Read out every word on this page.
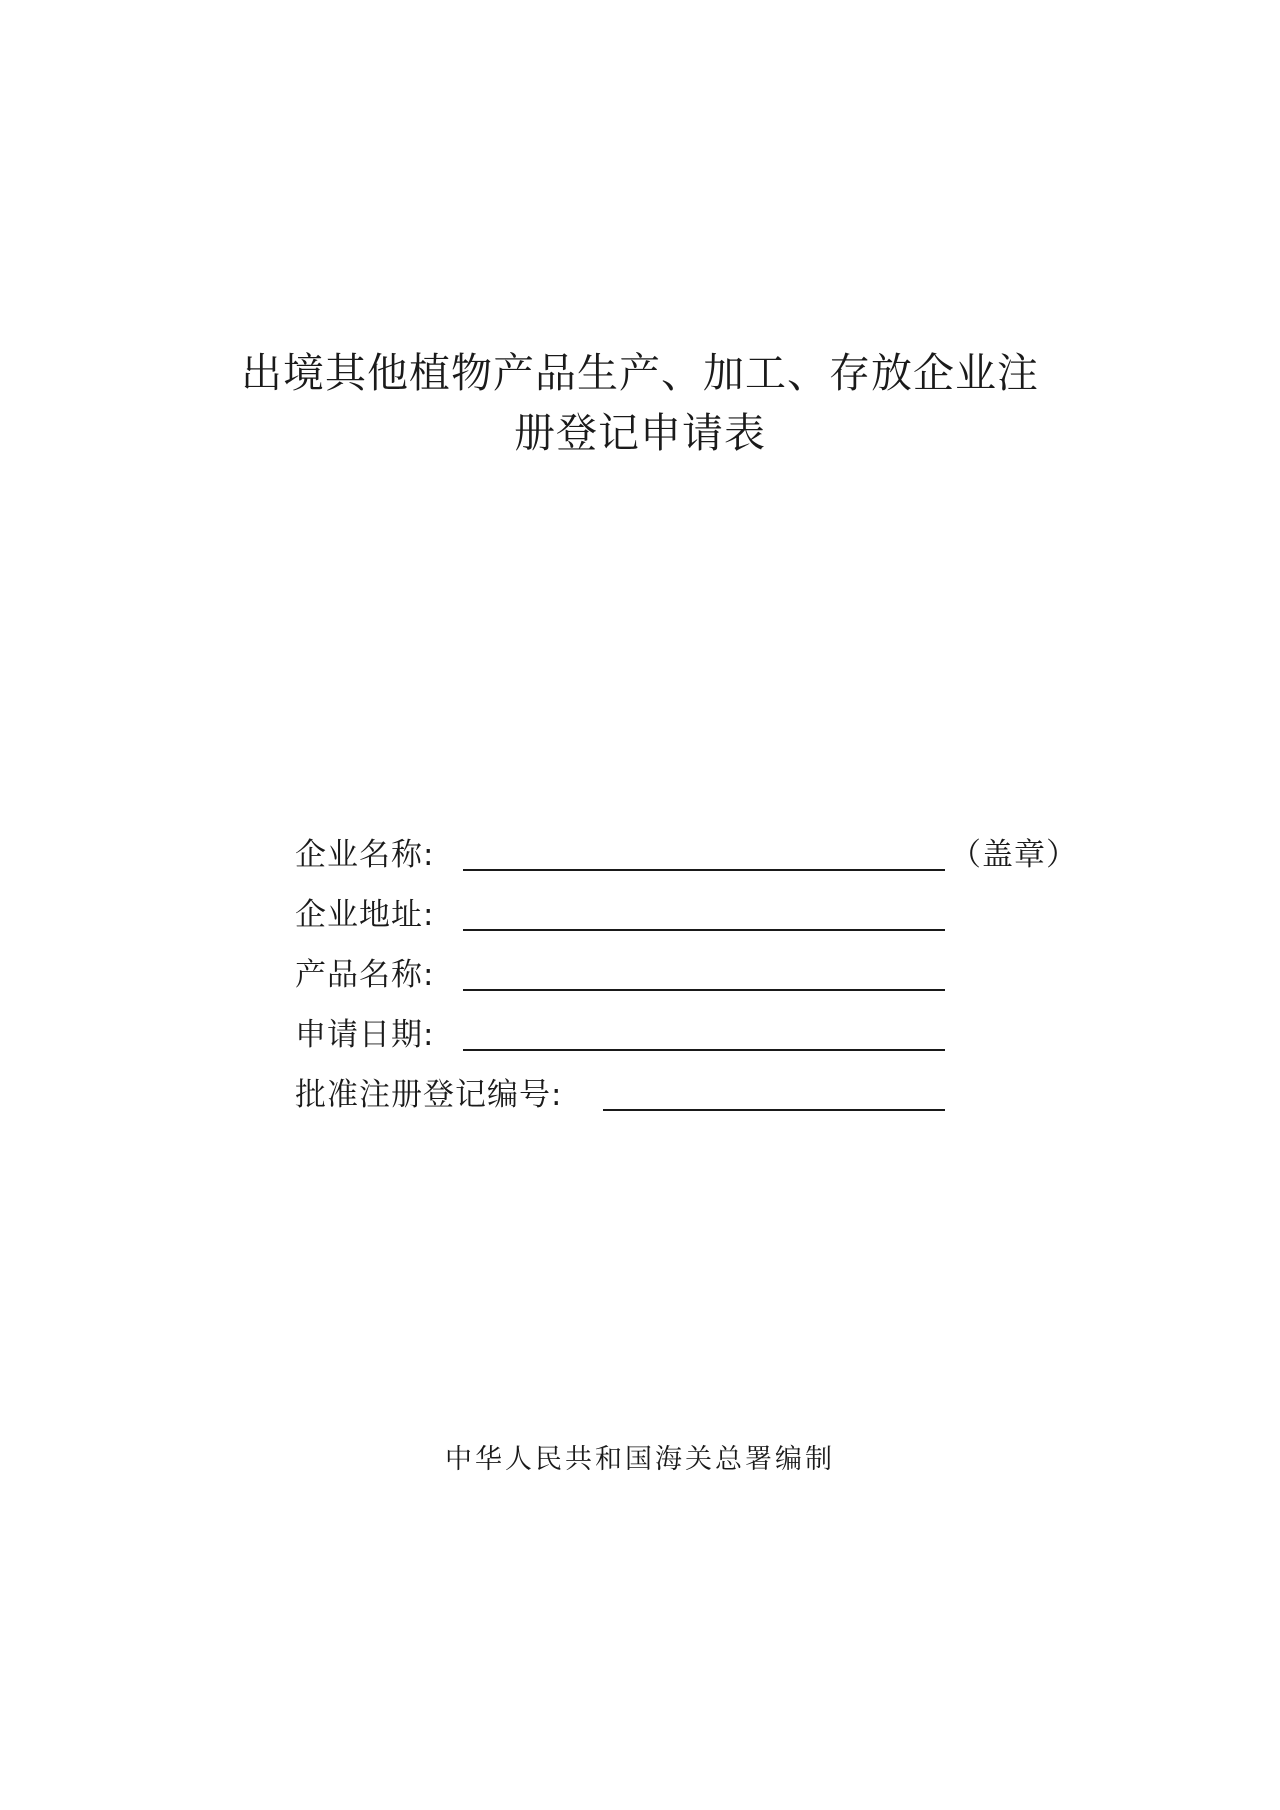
出境其他植物产品生产、加工、存放企业注
册登记申请表
企业名称:	（盖章）
企业地址:
产品名称:
申请日期:
批准注册登记编号:
中华人民共和国海关总署编制
